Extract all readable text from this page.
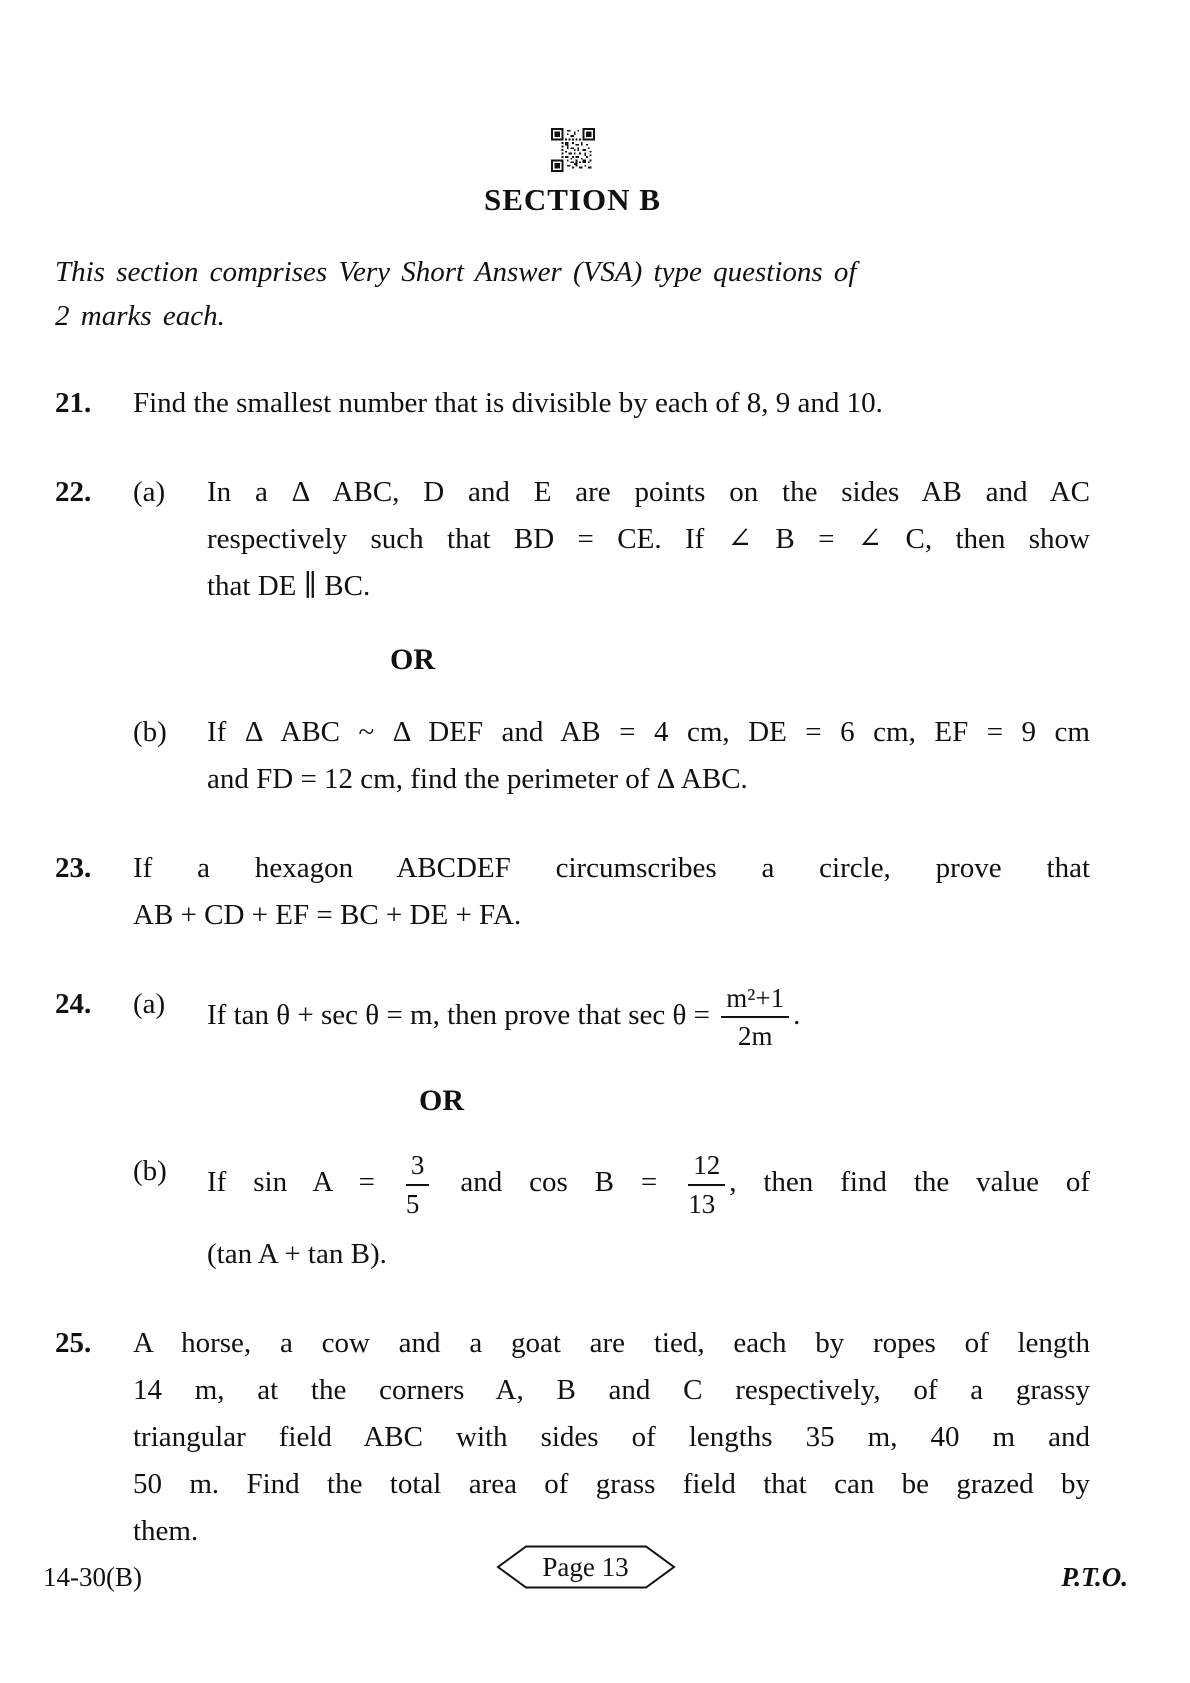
SECTION B
This section comprises Very Short Answer (VSA) type questions of
2 marks each.
21.	Find the smallest number that is divisible by each of 8, 9 and 10.
22.	(a)	In a Δ ABC, D and E are points on the sides AB and AC
respectively such that BD = CE. If ∠ B = ∠ C, then show
that DE ∥ BC.
OR
(b)	If Δ ABC ~ Δ DEF and AB = 4 cm, DE = 6 cm, EF = 9 cm
and FD = 12 cm, find the perimeter of Δ ABC.
23.	If a hexagon ABCDEF circumscribes a circle, prove that
AB + CD + EF = BC + DE + FA.
24.	(a)	If tan θ + sec θ = m, then prove that $\sec \theta = \frac{\text{m²+1}}{2m}$ .
OR
(b)	If $\sin A = \frac{3}{5}$ and $\cos B = \frac{12}{13}$ , then find the value of
(tan A + tan B).
25.	A horse, a cow and a goat are tied, each by ropes of length
14 m, at the corners A, B and C respectively, of a grassy
triangular field ABC with sides of lengths 35 m, 40 m and
50 m. Find the total area of grass field that can be grazed by
them.
14-30(B)	Page 13	P.T.O.
